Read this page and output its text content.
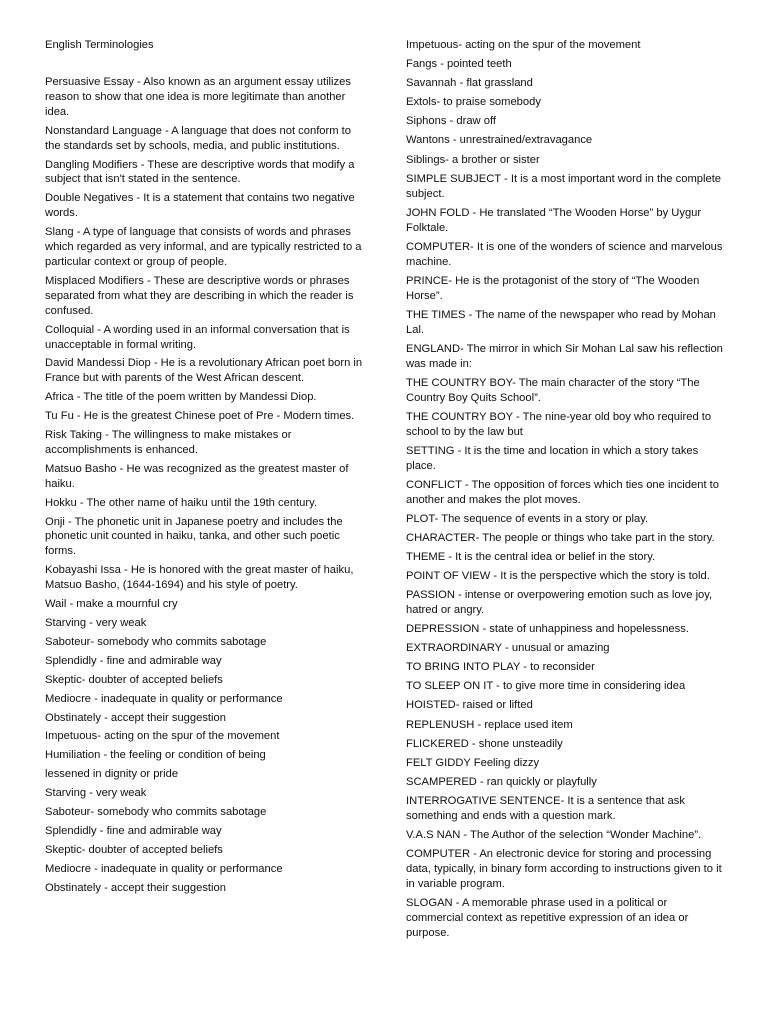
English Terminologies
Persuasive Essay - Also known as an argument essay utilizes reason to show that one idea is more legitimate than another idea.
Nonstandard Language - A language that does not conform to the standards set by schools, media, and public institutions.
Dangling Modifiers - These are descriptive words that modify a subject that isn't stated in the sentence.
Double Negatives - It is a statement that contains two negative words.
Slang - A type of language that consists of words and phrases which regarded as very informal, and are typically restricted to a particular context or group of people.
Misplaced Modifiers - These are descriptive words or phrases separated from what they are describing in which the reader is confused.
Colloquial - A wording used in an informal conversation that is unacceptable in formal writing.
David Mandessi Diop - He is a revolutionary African poet born in France but with parents of the West African descent.
Africa - The title of the poem written by Mandessi Diop.
Tu Fu - He is the greatest Chinese poet of Pre - Modern times.
Risk Taking - The willingness to make mistakes or accomplishments is enhanced.
Matsuo Basho - He was recognized as the greatest master of haiku.
Hokku - The other name of haiku until the 19th century.
Onji - The phonetic unit in Japanese poetry and includes the phonetic unit counted in haiku, tanka, and other such poetic forms.
Kobayashi Issa - He is honored with the great master of haiku, Matsuo Basho, (1644-1694) and his style of poetry.
Wail - make a mournful cry
Starving - very weak
Saboteur- somebody who commits sabotage
Splendidly - fine and admirable way
Skeptic- doubter of accepted beliefs
Mediocre - inadequate in quality or performance
Obstinately - accept their suggestion
Impetuous- acting on the spur of the movement
Humiliation - the feeling or condition of being
lessened in dignity or pride
Starving - very weak
Saboteur- somebody who commits sabotage
Splendidly - fine and admirable way
Skeptic- doubter of accepted beliefs
Mediocre - inadequate in quality or performance
Obstinately - accept their suggestion
Impetuous- acting on the spur of the movement
Fangs - pointed teeth
Savannah - flat grassland
Extols- to praise somebody
Siphons - draw off
Wantons - unrestrained/extravagance
Siblings- a brother or sister
SIMPLE SUBJECT - It is a most important word in the complete subject.
JOHN FOLD - He translated “The Wooden Horse” by Uygur Folktale.
COMPUTER- It is one of the wonders of science and marvelous machine.
PRINCE- He is the protagonist of the story of “The Wooden Horse”.
THE TIMES - The name of the newspaper who read by Mohan Lal.
ENGLAND- The mirror in which Sir Mohan Lal saw his reflection was made in:
THE COUNTRY BOY- The main character of the story “The Country Boy Quits School”.
THE COUNTRY BOY - The nine-year old boy who required to school to by the law but
SETTING - It is the time and location in which a story takes place.
CONFLICT - The opposition of forces which ties one incident to another and makes the plot moves.
PLOT- The sequence of events in a story or play.
CHARACTER- The people or things who take part in the story.
THEME - It is the central idea or belief in the story.
POINT OF VIEW - It is the perspective which the story is told.
PASSION - intense or overpowering emotion such as love joy, hatred or angry.
DEPRESSION - state of unhappiness and hopelessness.
EXTRAORDINARY - unusual or amazing
TO BRING INTO PLAY - to reconsider
TO SLEEP ON IT - to give more time in considering idea
HOISTED- raised or lifted
REPLENUSH - replace used item
FLICKERED - shone unsteadily
FELT GIDDY Feeling dizzy
SCAMPERED - ran quickly or playfully
INTERROGATIVE SENTENCE- It is a sentence that ask something and ends with a question mark.
V.A.S NAN - The Author of the selection “Wonder Machine”.
COMPUTER - An electronic device for storing and processing data, typically, in binary form according to instructions given to it in variable program.
SLOGAN - A memorable phrase used in a political or commercial context as repetitive expression of an idea or purpose.
